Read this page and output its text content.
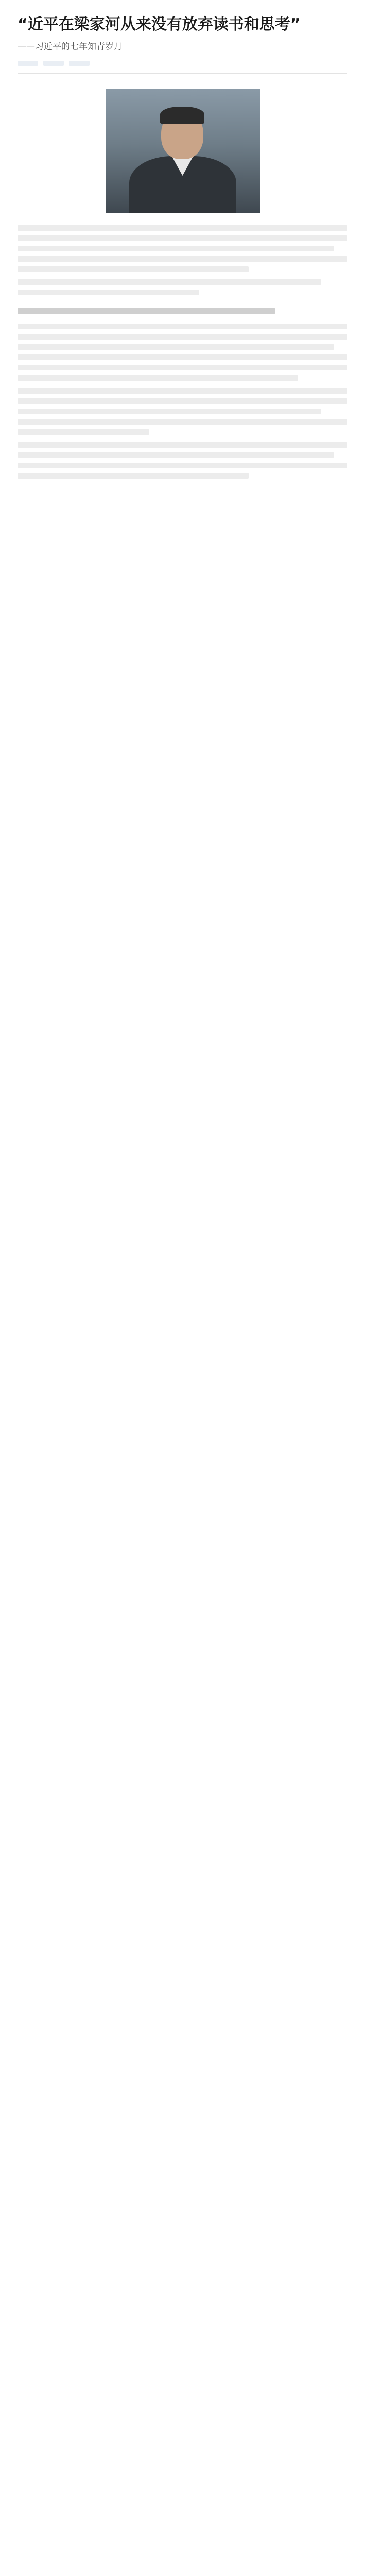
“近平在梁家河从来没有放弃读书和思考”
——习近平的七年知青岁月
